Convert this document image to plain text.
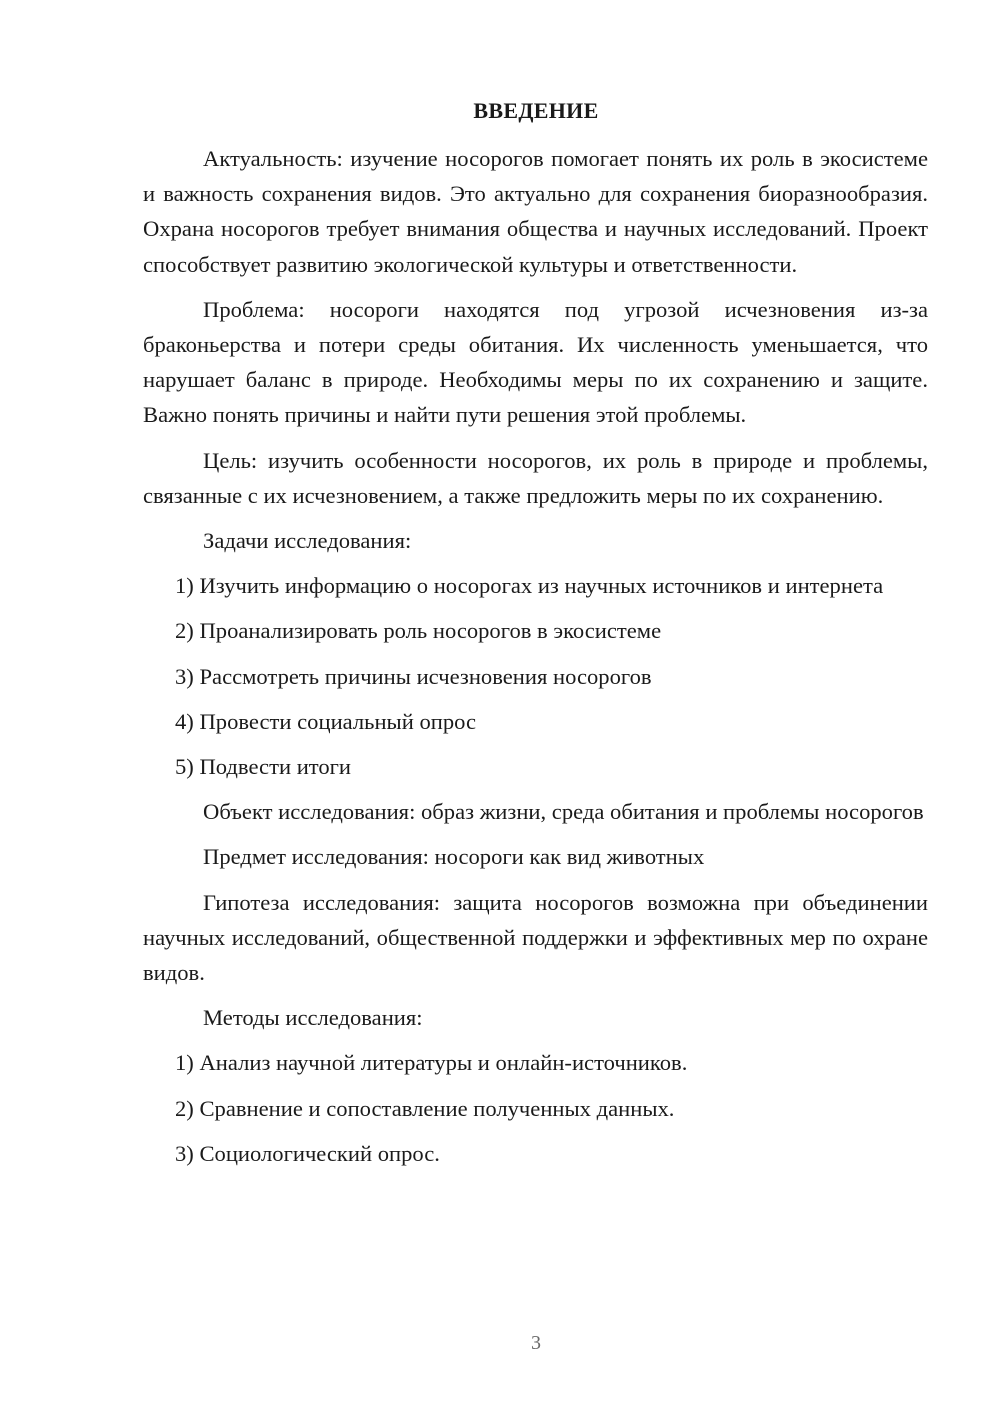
ВВЕДЕНИЕ

Актуальность: изучение носорогов помогает понять их роль в экосистеме и важность сохранения видов. Это актуально для сохранения биоразнообразия. Охрана носорогов требует внимания общества и научных исследований. Проект способствует развитию экологической культуры и ответственности.

Проблема: носороги находятся под угрозой исчезновения из-за браконьерства и потери среды обитания. Их численность уменьшается, что нарушает баланс в природе. Необходимы меры по их сохранению и защите. Важно понять причины и найти пути решения этой проблемы.

Цель: изучить особенности носорогов, их роль в природе и проблемы, связанные с их исчезновением, а также предложить меры по их сохранению.

Задачи исследования:

1) Изучить информацию о носорогах из научных источников и интернета

2) Проанализировать роль носорогов в экосистеме

3) Рассмотреть причины исчезновения носорогов

4) Провести социальный опрос

5) Подвести итоги

Объект исследования: образ жизни, среда обитания и проблемы носорогов

Предмет исследования: носороги как вид животных

Гипотеза исследования: защита носорогов возможна при объединении научных исследований, общественной поддержки и эффективных мер по охране видов.

Методы исследования:

1) Анализ научной литературы и онлайн-источников.

2) Сравнение и сопоставление полученных данных.

3) Социологический опрос.

3
